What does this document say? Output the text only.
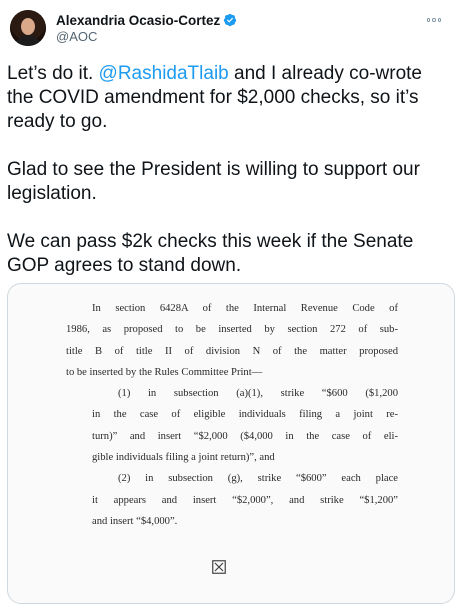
Alexandria Ocasio-Cortez
@AOC

Let’s do it. @RashidaTlaib and I already co-wrote the COVID amendment for $2,000 checks, so it’s ready to go.

Glad to see the President is willing to support our legislation.

We can pass $2k checks this week if the Senate GOP agrees to stand down.

In section 6428A of the Internal Revenue Code of
1986, as proposed to be inserted by section 272 of sub-
title B of title II of division N of the matter proposed
to be inserted by the Rules Committee Print—
(1) in subsection (a)(1), strike “$600 ($1,200
in the case of eligible individuals filing a joint re-
turn)” and insert “$2,000 ($4,000 in the case of eli-
gible individuals filing a joint return)”, and
(2) in subsection (g), strike “$600” each place
it appears and insert “$2,000”, and strike “$1,200”
and insert “$4,000”.
